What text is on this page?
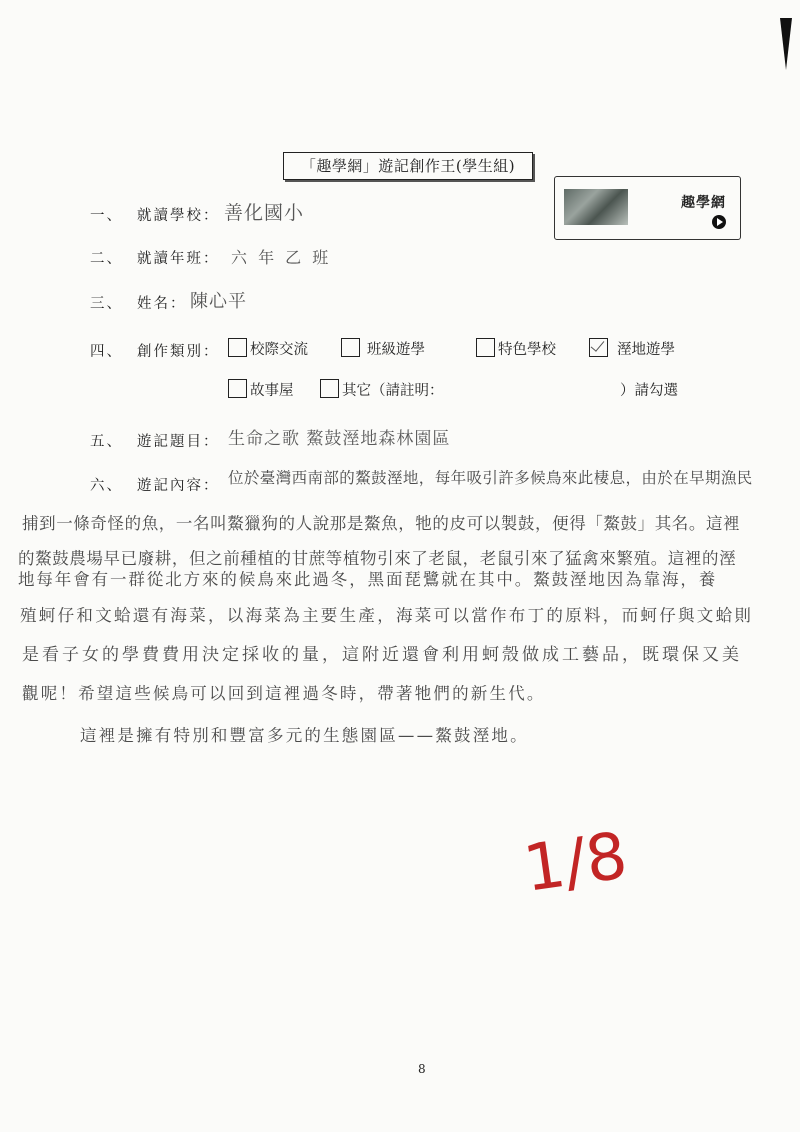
「趣學網」遊記創作王(學生組)
趣學網
一、 就讀學校： 善化國小
二、 就讀年班： 六 年 乙 班
三、 姓名： 陳心平
四、 創作類別：	校際交流	班級遊學	特色學校	溼地遊學
故事屋	其它（請註明：	）請勾選
五、 遊記題目： 生命之歌 鰲鼓溼地森林園區
六、 遊記內容： 位於臺灣西南部的鰲鼓溼地，每年吸引許多候鳥來此棲息，由於在早期漁民
捕到一條奇怪的魚，一名叫鰲獵狗的人說那是鰲魚，牠的皮可以製鼓，便得「鰲鼓」其名。這裡
的鰲鼓農場早已廢耕，但之前種植的甘蔗等植物引來了老鼠，老鼠引來了猛禽來繁殖。這裡的溼
地每年會有一群從北方來的候鳥來此過冬，黑面琵鷺就在其中。鰲鼓溼地因為靠海，養
殖蚵仔和文蛤還有海菜，以海菜為主要生產，海菜可以當作布丁的原料，而蚵仔與文蛤則
是看子女的學費費用決定採收的量，這附近還會利用蚵殼做成工藝品，既環保又美
觀呢！希望這些候鳥可以回到這裡過冬時，帶著牠們的新生代。
這裡是擁有特別和豐富多元的生態園區——鰲鼓溼地。
1/8
8
